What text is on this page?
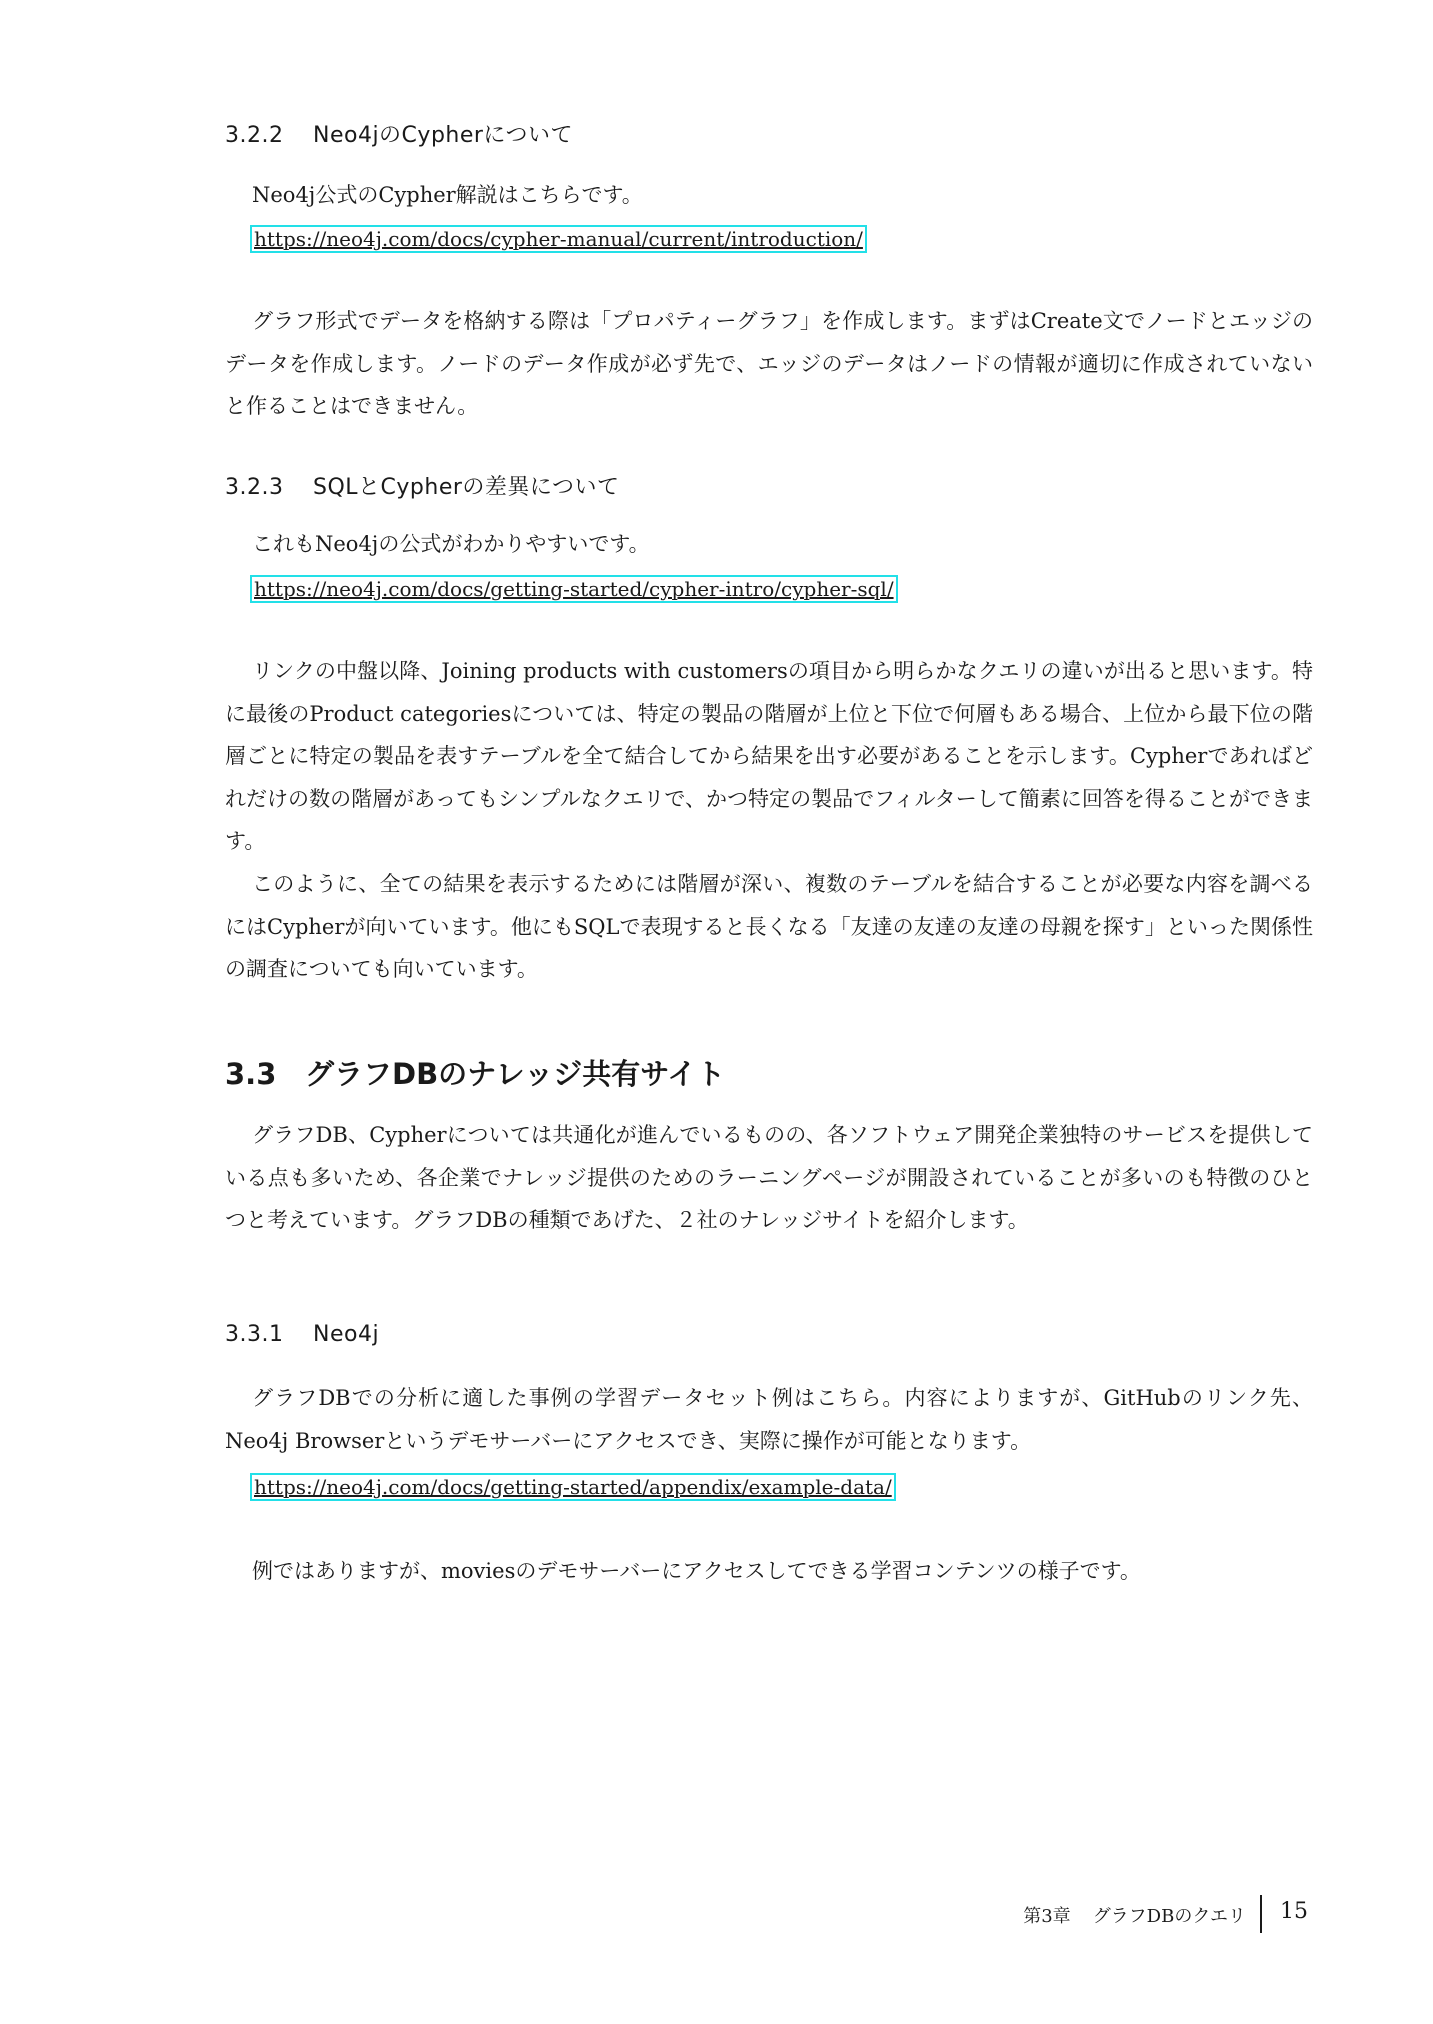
3.2.2 Neo4jのCypherについて
Neo4j公式のCypher解説はこちらです。
https://neo4j.com/docs/cypher-manual/current/introduction/
グラフ形式でデータを格納する際は「プロパティーグラフ」を作成します。まずはCreate文でノードとエッジのデータを作成します。ノードのデータ作成が必ず先で、エッジのデータはノードの情報が適切に作成されていないと作ることはできません。
3.2.3 SQLとCypherの差異について
これもNeo4jの公式がわかりやすいです。
https://neo4j.com/docs/getting-started/cypher-intro/cypher-sql/
リンクの中盤以降、Joining products with customersの項目から明らかなクエリの違いが出ると思います。特に最後のProduct categoriesについては、特定の製品の階層が上位と下位で何層もある場合、上位から最下位の階層ごとに特定の製品を表すテーブルを全て結合してから結果を出す必要があることを示します。Cypherであればどれだけの数の階層があってもシンプルなクエリで、かつ特定の製品でフィルターして簡素に回答を得ることができます。
このように、全ての結果を表示するためには階層が深い、複数のテーブルを結合することが必要な内容を調べるにはCypherが向いています。他にもSQLで表現すると長くなる「友達の友達の友達の母親を探す」といった関係性の調査についても向いています。
3.3 グラフDBのナレッジ共有サイト
グラフDB、Cypherについては共通化が進んでいるものの、各ソフトウェア開発企業独特のサービスを提供している点も多いため、各企業でナレッジ提供のためのラーニングページが開設されていることが多いのも特徴のひとつと考えています。グラフDBの種類であげた、２社のナレッジサイトを紹介します。
3.3.1 Neo4j
グラフDBでの分析に適した事例の学習データセット例はこちら。内容によりますが、GitHubのリンク先、Neo4j Browserというデモサーバーにアクセスでき、実際に操作が可能となります。
https://neo4j.com/docs/getting-started/appendix/example-data/
例ではありますが、moviesのデモサーバーにアクセスしてできる学習コンテンツの様子です。
第3章 グラフDBのクエリ 15
